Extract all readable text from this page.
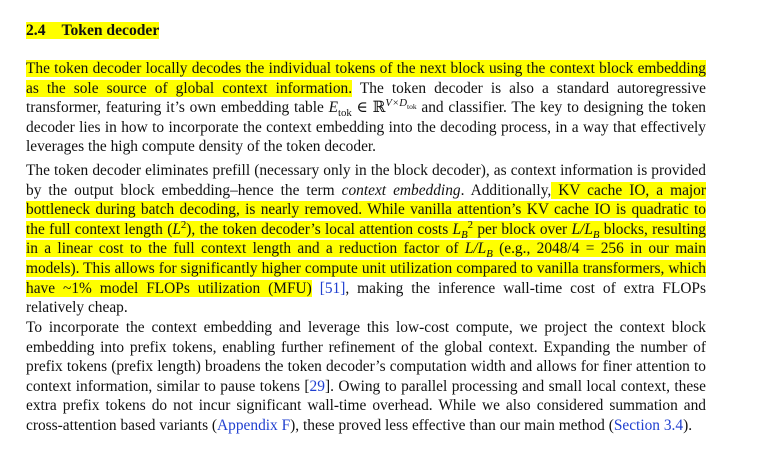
2.4 Token decoder

The token decoder locally decodes the individual tokens of the next block using the context block embedding as the sole source of global context information. The token decoder is also a standard autoregressive transformer, featuring it’s own embedding table $E_{tok}$ ∈ ℝ$^{V\times D_{tok}}$ and classifier. The key to designing the token decoder lies in how to incorporate the context embedding into the decoding process, in a way that effectively leverages the high compute density of the token decoder.

The token decoder eliminates prefill (necessary only in the block decoder), as context information is provided by the output block embedding–hence the term context embedding. Additionally, KV cache IO, a major bottleneck during batch decoding, is nearly removed. While vanilla attention’s KV cache IO is quadratic to the full context length $(L^2)$, the token decoder’s local attention costs $L_B^2$ per block over $L/L_B$ blocks, resulting in a linear cost to the full context length and a reduction factor of $L/L_B$ (e.g., 2048/4 = 256 in our main models). This allows for significantly higher compute unit utilization compared to vanilla transformers, which have ~1% model FLOPs utilization (MFU) [51], making the inference wall-time cost of extra FLOPs relatively cheap.

To incorporate the context embedding and leverage this low-cost compute, we project the context block embedding into prefix tokens, enabling further refinement of the global context. Expanding the number of prefix tokens (prefix length) broadens the token decoder’s computation width and allows for finer attention to context information, similar to pause tokens [29]. Owing to parallel processing and small local context, these extra prefix tokens do not incur significant wall-time overhead. While we also considered summation and cross-attention based variants (Appendix F), these proved less effective than our main method (Section 3.4).
